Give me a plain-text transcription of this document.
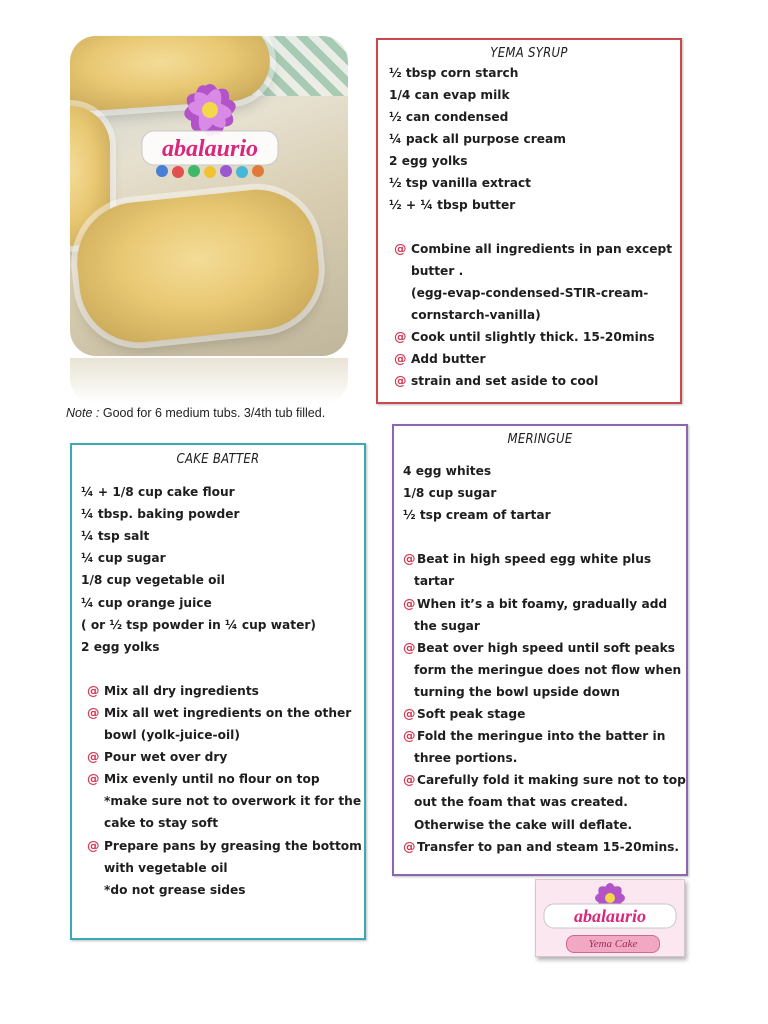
abalaurio
Note : Good for 6 medium tubs. 3/4th tub filled.
YEMA SYRUP
½ tbsp corn starch
1/4 can evap milk
½ can condensed
¼ pack all purpose cream
2 egg yolks
½ tsp vanilla extract
½ + ¼ tbsp butter
@ Combine all ingredients in pan except
butter .
(egg-evap-condensed-STIR-cream-
cornstarch-vanilla)
@ Cook until slightly thick. 15-20mins
@ Add butter
@ strain and set aside to cool
MERINGUE
4 egg whites
1/8 cup sugar
½ tsp cream of tartar
@ Beat in high speed egg white plus
tartar
@ When it’s a bit foamy, gradually add
the sugar
@ Beat over high speed until soft peaks
form the meringue does not flow when
turning the bowl upside down
@ Soft peak stage
@ Fold the meringue into the batter in
three portions.
@ Carefully fold it making sure not to top
out the foam that was created.
Otherwise the cake will deflate.
@ Transfer to pan and steam 15-20mins.
CAKE BATTER
¼ + 1/8 cup cake flour
¼ tbsp. baking powder
¼ tsp salt
¼ cup sugar
1/8 cup vegetable oil
¼ cup orange juice
( or ½ tsp powder in ¼ cup water)
2 egg yolks
@ Mix all dry ingredients
@ Mix all wet ingredients on the other
bowl (yolk-juice-oil)
@ Pour wet over dry
@ Mix evenly until no flour on top
*make sure not to overwork it for the
cake to stay soft
@ Prepare pans by greasing the bottom
with vegetable oil
*do not grease sides
abalaurio
Yema Cake
